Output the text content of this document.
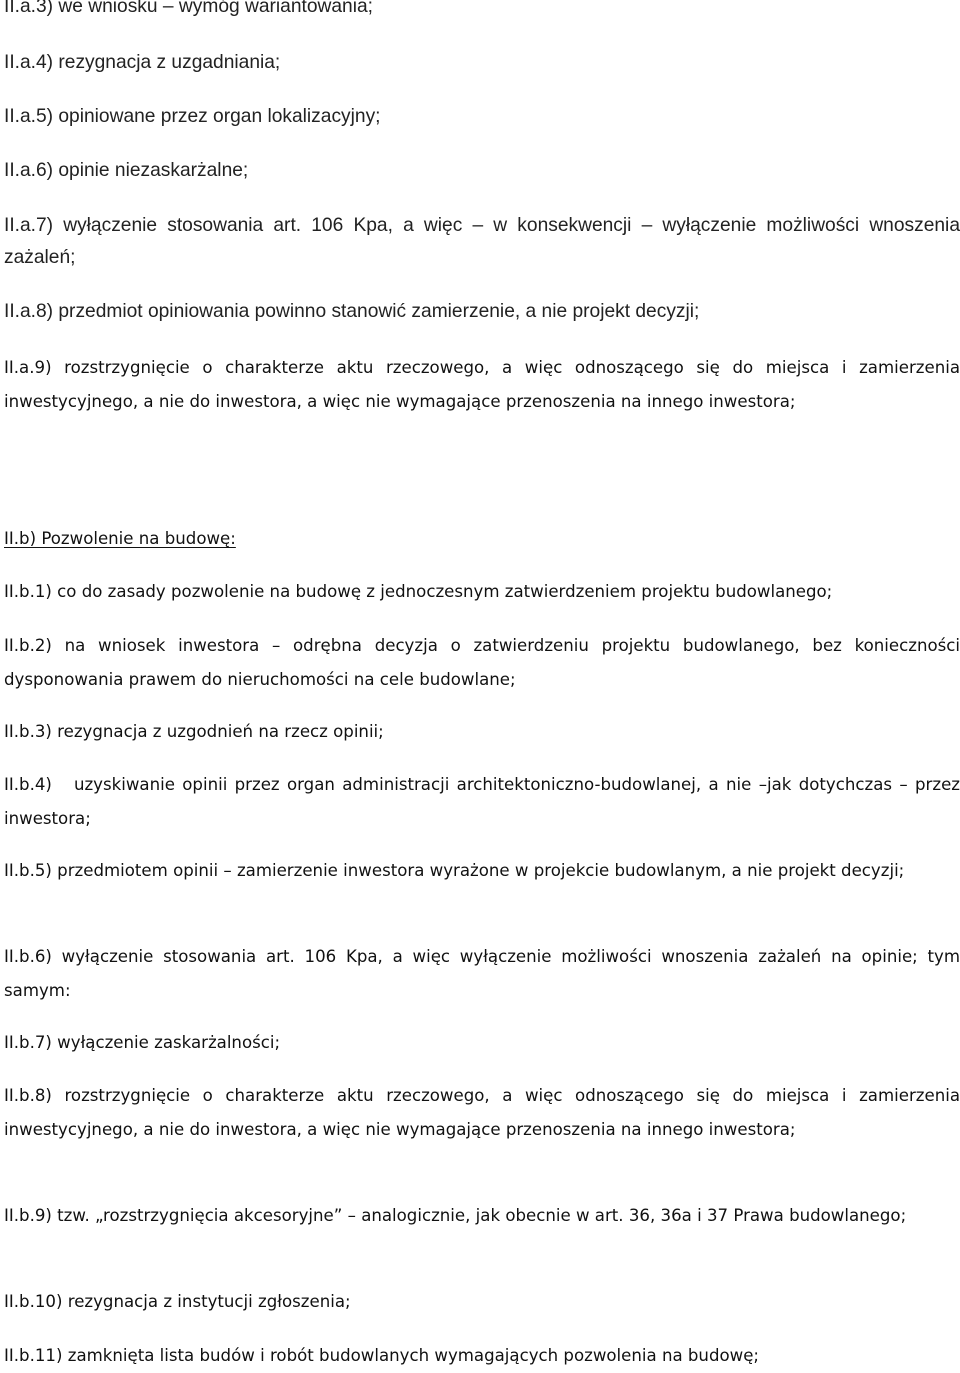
II.a.3) we wniosku – wymóg wariantowania;

II.a.4) rezygnacja z uzgadniania;

II.a.5) opiniowane przez organ lokalizacyjny;

II.a.6) opinie niezaskarżalne;

II.a.7) wyłączenie stosowania art. 106 Kpa, a więc – w konsekwencji – wyłączenie możliwości wnoszenia zażaleń;

II.a.8) przedmiot opiniowania powinno stanowić zamierzenie, a nie projekt decyzji;

II.a.9) rozstrzygnięcie o charakterze aktu rzeczowego, a więc odnoszącego się do miejsca i zamierzenia inwestycyjnego, a nie do inwestora, a więc nie wymagające przenoszenia na innego inwestora;

II.b) Pozwolenie na budowę:

II.b.1) co do zasady pozwolenie na budowę z jednoczesnym zatwierdzeniem projektu budowlanego;

II.b.2) na wniosek inwestora – odrębna decyzja o zatwierdzeniu projektu budowlanego, bez konieczności dysponowania prawem do nieruchomości na cele budowlane;

II.b.3) rezygnacja z uzgodnień na rzecz opinii;

II.b.4)   uzyskiwanie opinii przez organ administracji architektoniczno-budowlanej, a nie –jak dotychczas – przez inwestora;

II.b.5) przedmiotem opinii – zamierzenie inwestora wyrażone w projekcie budowlanym, a nie projekt decyzji;

II.b.6) wyłączenie stosowania art. 106 Kpa, a więc wyłączenie możliwości wnoszenia zażaleń na opinie; tym samym:

II.b.7) wyłączenie zaskarżalności;

II.b.8) rozstrzygnięcie o charakterze aktu rzeczowego, a więc odnoszącego się do miejsca i zamierzenia inwestycyjnego, a nie do inwestora, a więc nie wymagające przenoszenia na innego inwestora;

II.b.9) tzw. „rozstrzygnięcia akcesoryjne” – analogicznie, jak obecnie w art. 36, 36a i 37 Prawa budowlanego;

II.b.10) rezygnacja z instytucji zgłoszenia;

II.b.11) zamknięta lista budów i robót budowlanych wymagających pozwolenia na budowę;
